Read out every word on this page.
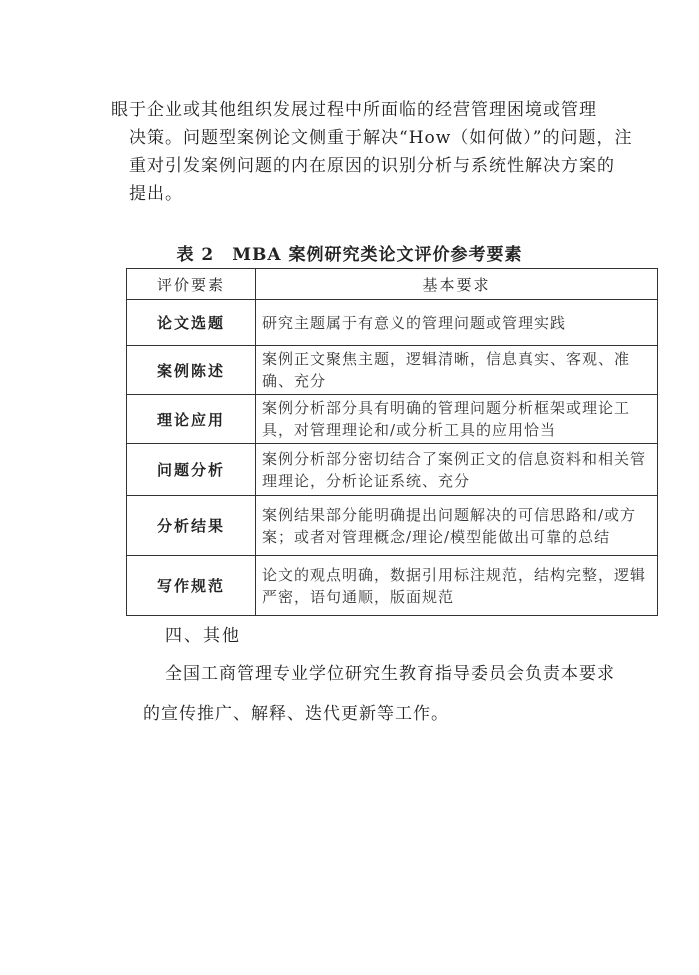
眼于企业或其他组织发展过程中所面临的经营管理困境或管理
决策。问题型案例论文侧重于解决“How（如何做）”的问题，注
重对引发案例问题的内在原因的识别分析与系统性解决方案的
提出。
表 2　MBA 案例研究类论文评价参考要素
评价要素	基本要求
论文选题	研究主题属于有意义的管理问题或管理实践
案例陈述	案例正文聚焦主题，逻辑清晰，信息真实、客观、准确、充分
理论应用	案例分析部分具有明确的管理问题分析框架或理论工具，对管理理论和/或分析工具的应用恰当
问题分析	案例分析部分密切结合了案例正文的信息资料和相关管理理论，分析论证系统、充分
分析结果	案例结果部分能明确提出问题解决的可信思路和/或方案；或者对管理概念/理论/模型能做出可靠的总结
写作规范	论文的观点明确，数据引用标注规范，结构完整，逻辑严密，语句通顺，版面规范
四、其他
全国工商管理专业学位研究生教育指导委员会负责本要求
的宣传推广、解释、迭代更新等工作。
